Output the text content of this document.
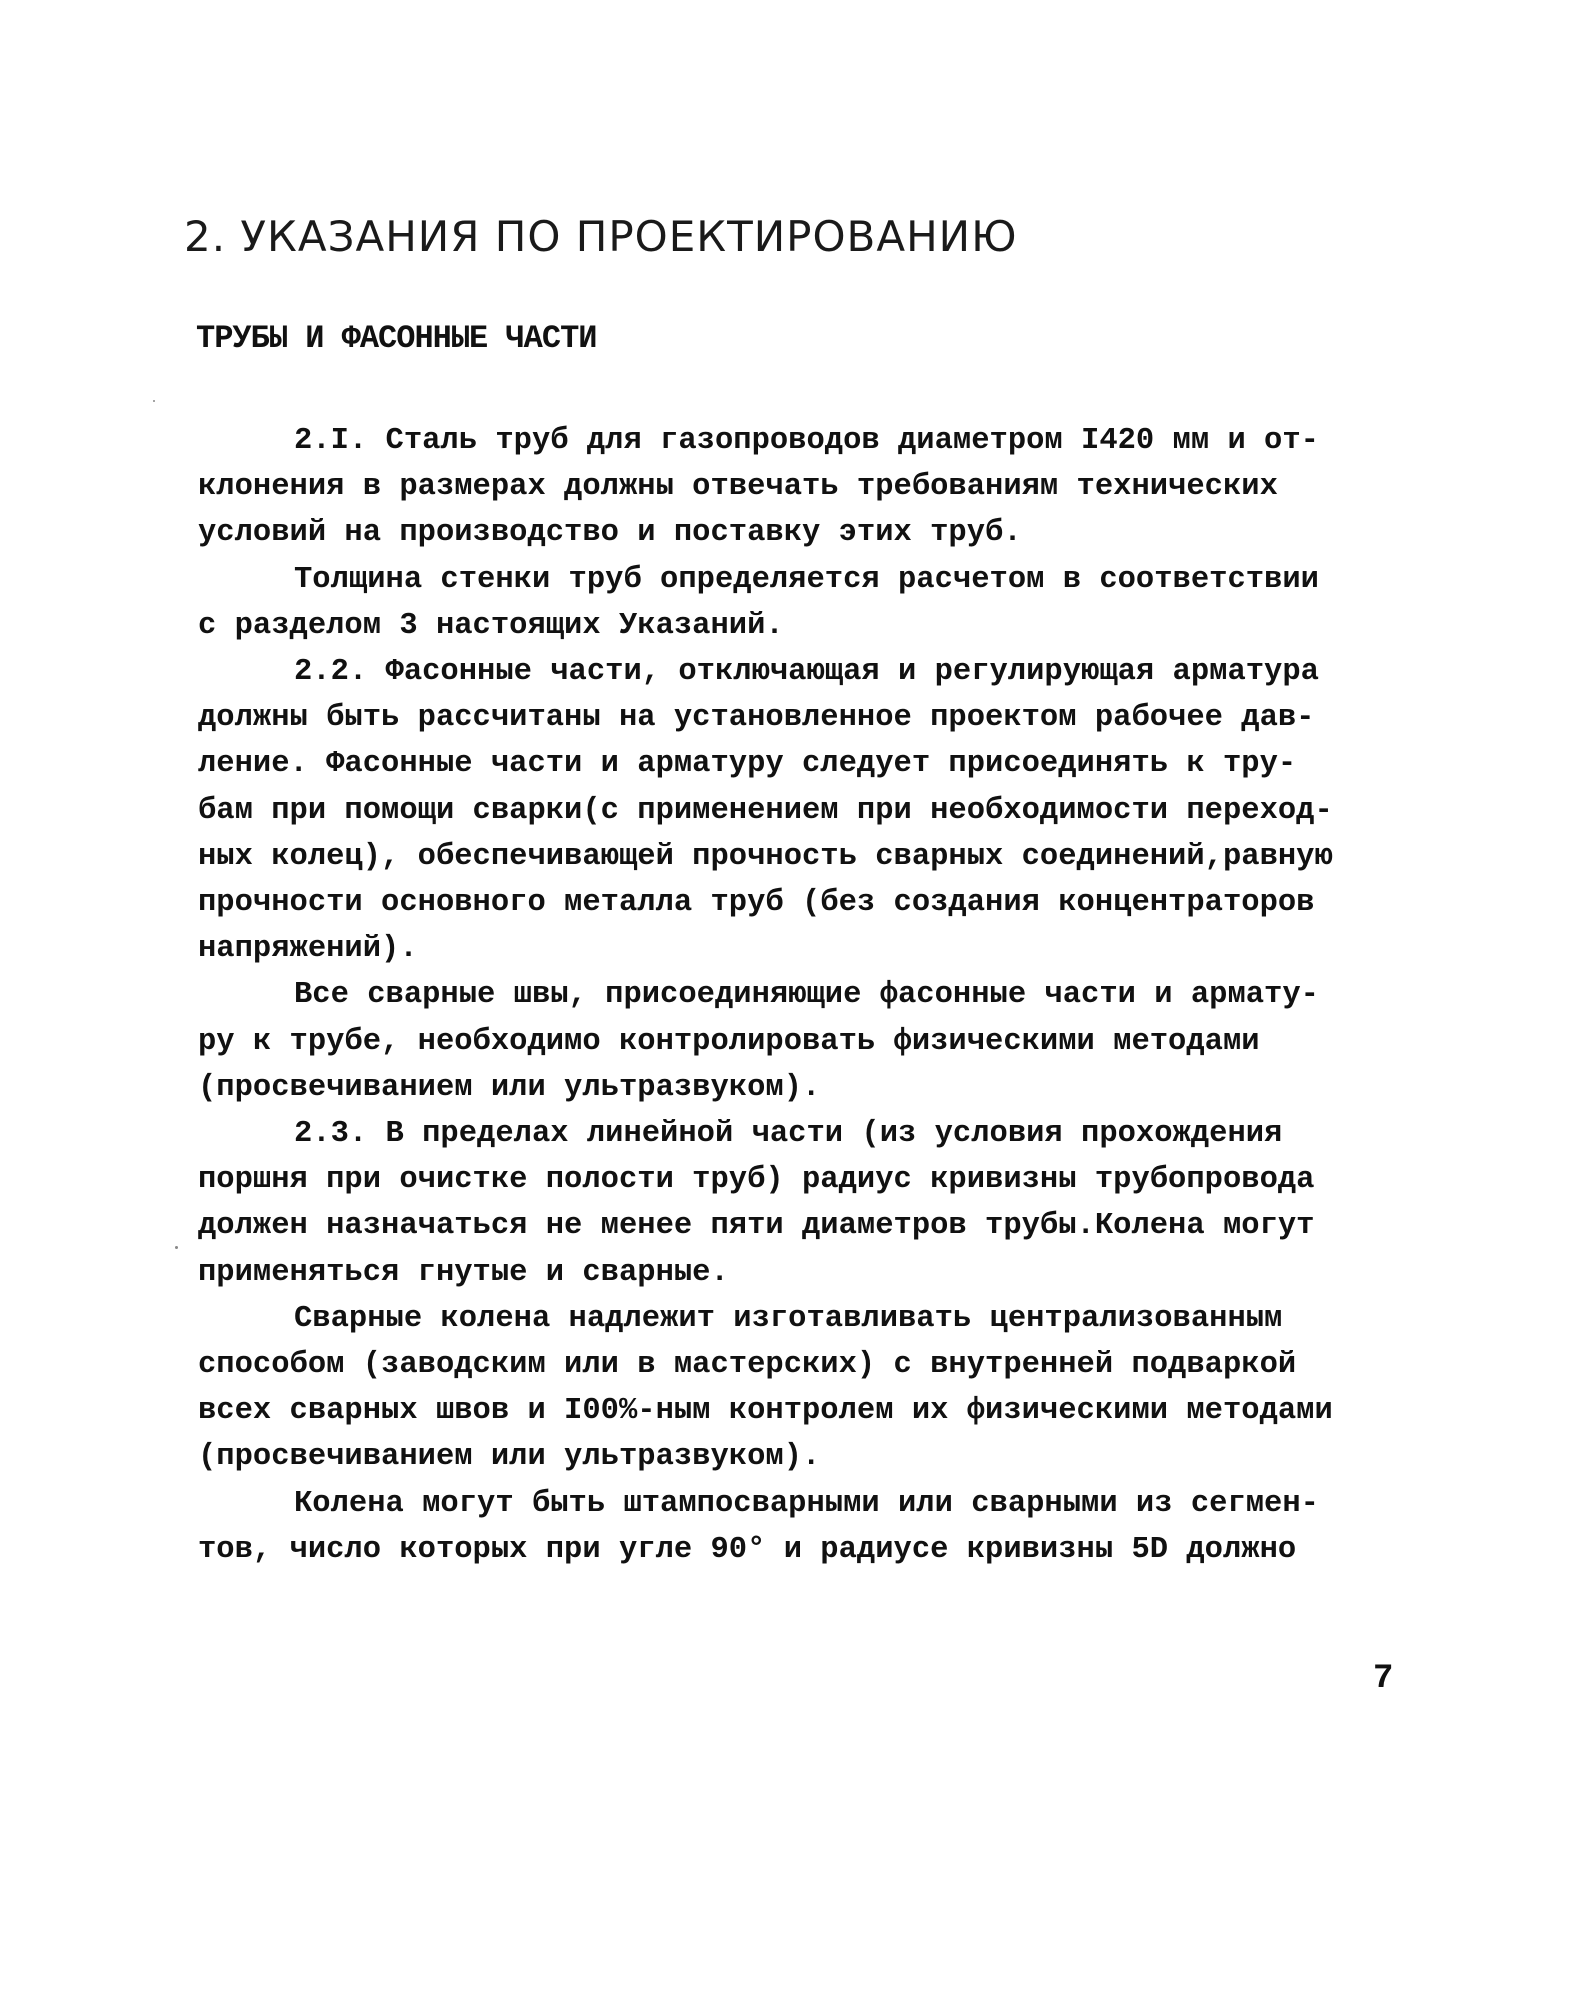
2. УКАЗАНИЯ ПО ПРОЕКТИРОВАНИЮ
ТРУБЫ И ФАСОННЫЕ ЧАСТИ
2.I. Сталь труб для газопроводов диаметром I420 мм и от-
клонения в размерах должны отвечать требованиям технических
условий на производство и поставку этих труб.
Толщина стенки труб определяется расчетом в соответствии
с разделом 3 настоящих Указаний.
2.2. Фасонные части, отключающая и регулирующая арматура
должны быть рассчитаны на установленное проектом рабочее дав-
ление. Фасонные части и арматуру следует присоединять к тру-
бам при помощи сварки(с применением при необходимости переход-
ных колец), обеспечивающей прочность сварных соединений,равную
прочности основного металла труб (без создания концентраторов
напряжений).
Все сварные швы, присоединяющие фасонные части и армату-
ру к трубе, необходимо контролировать физическими методами
(просвечиванием или ультразвуком).
2.3. В пределах линейной части (из условия прохождения
поршня при очистке полости труб) радиус кривизны трубопровода
должен назначаться не менее пяти диаметров трубы.Колена могут
применяться гнутые и сварные.
Сварные колена надлежит изготавливать централизованным
способом (заводским или в мастерских) с внутренней подваркой
всех сварных швов и I00%-ным контролем их физическими методами
(просвечиванием или ультразвуком).
Колена могут быть штампосварными или сварными из сегмен-
тов, число которых при угле 90° и радиусе кривизны 5D должно
7
